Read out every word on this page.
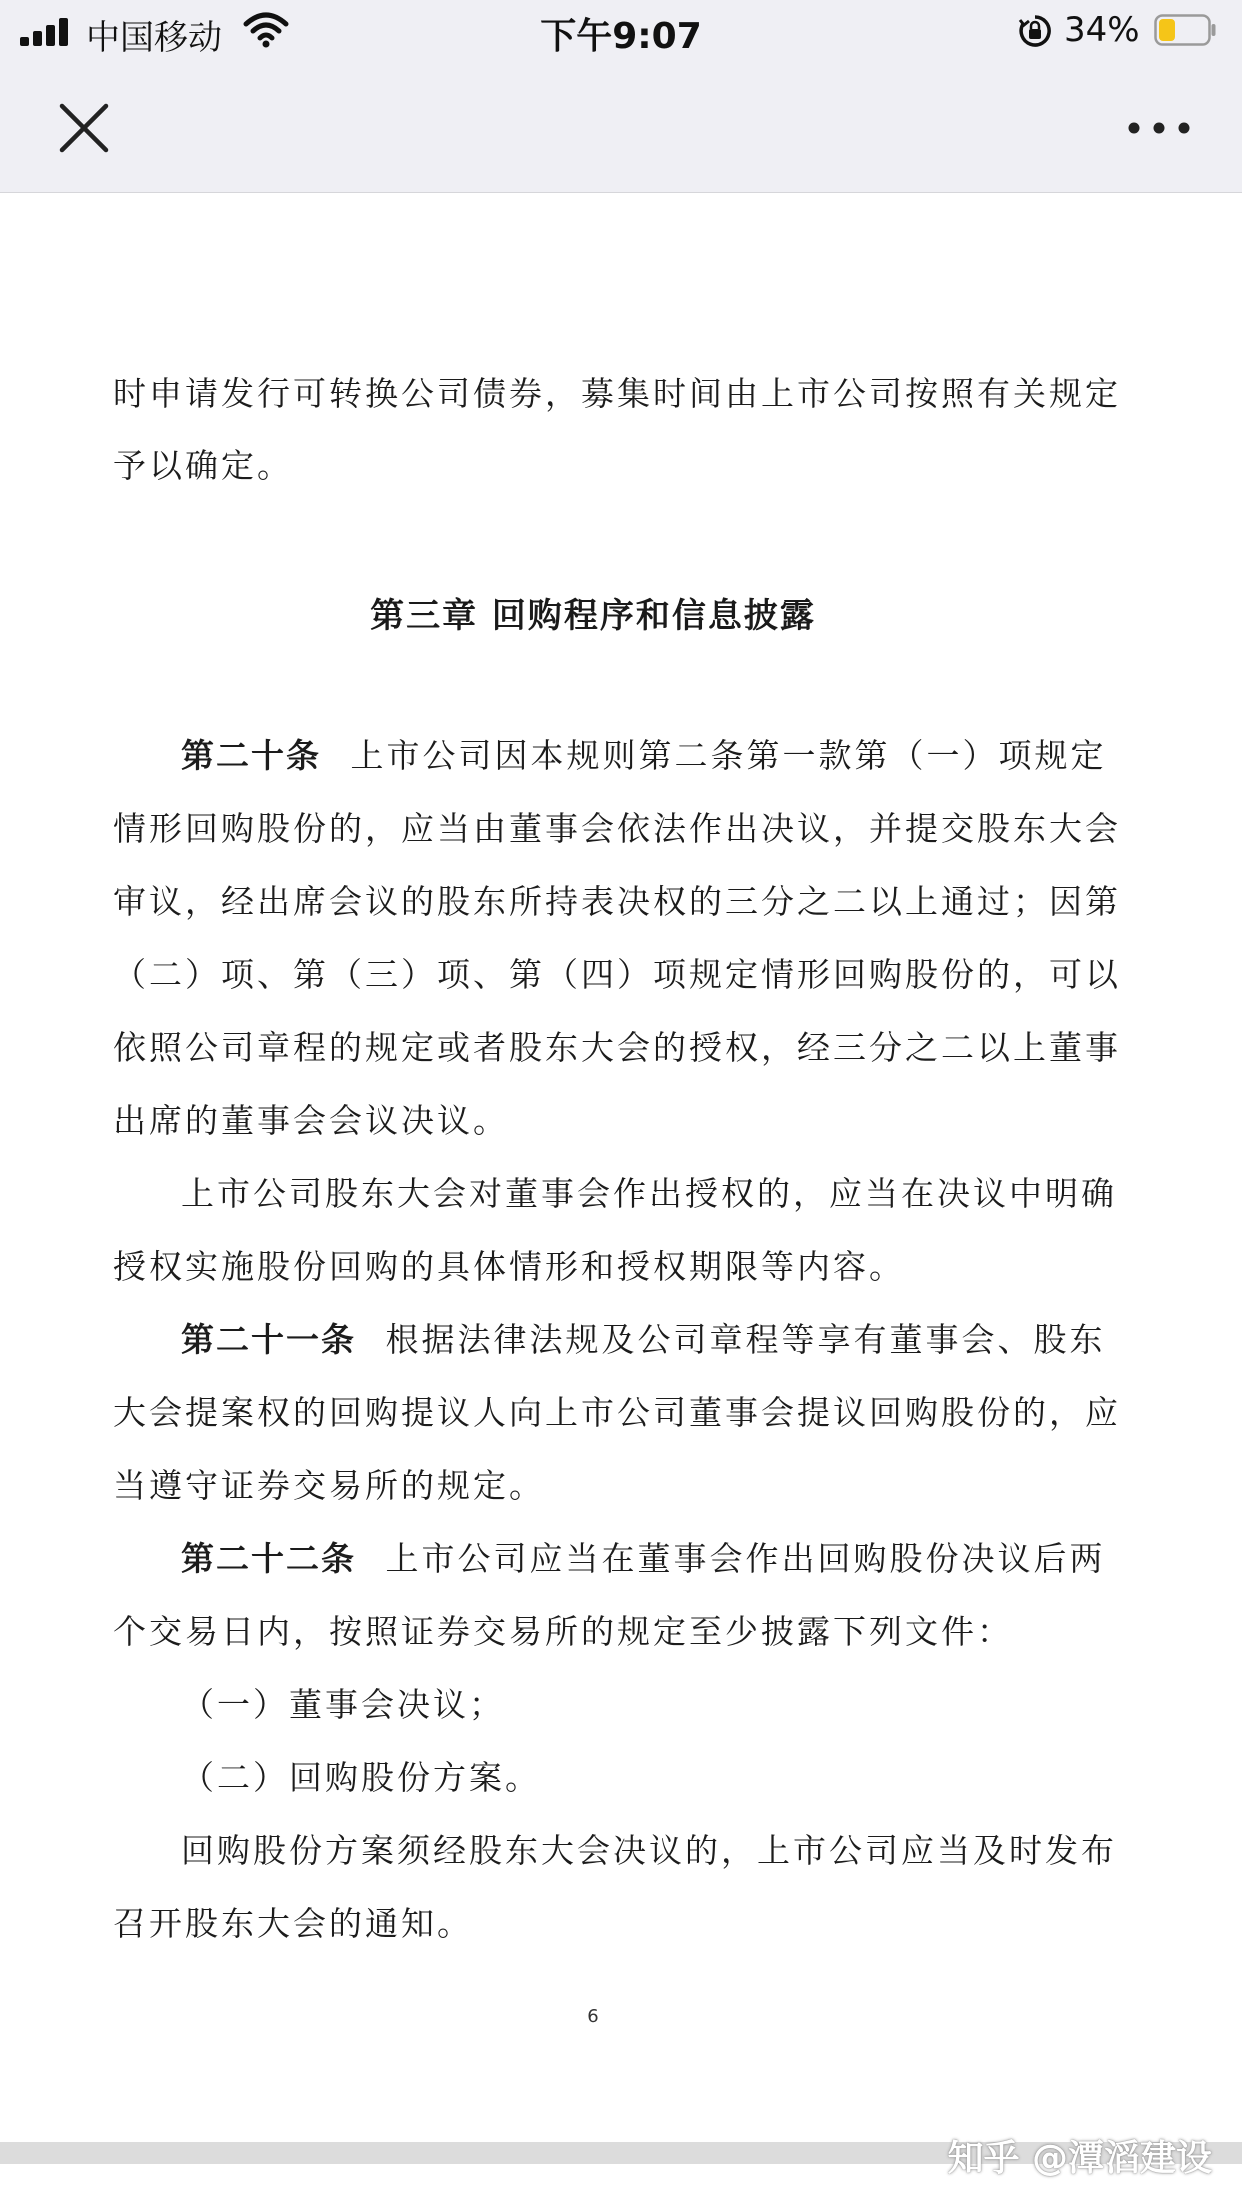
中国移动	下午9:07	34%

时申请发行可转换公司债券，募集时间由上市公司按照有关规定

予以确定。

第三章 回购程序和信息披露

第二十条 上市公司因本规则第二条第一款第（一）项规定

情形回购股份的，应当由董事会依法作出决议，并提交股东大会

审议，经出席会议的股东所持表决权的三分之二以上通过；因第

（二）项、第（三）项、第（四）项规定情形回购股份的，可以

依照公司章程的规定或者股东大会的授权，经三分之二以上董事

出席的董事会会议决议。

上市公司股东大会对董事会作出授权的，应当在决议中明确

授权实施股份回购的具体情形和授权期限等内容。

第二十一条 根据法律法规及公司章程等享有董事会、股东

大会提案权的回购提议人向上市公司董事会提议回购股份的，应

当遵守证券交易所的规定。

第二十二条 上市公司应当在董事会作出回购股份决议后两

个交易日内，按照证券交易所的规定至少披露下列文件：

（一）董事会决议；

（二）回购股份方案。

回购股份方案须经股东大会决议的，上市公司应当及时发布

召开股东大会的通知。

6
知乎 @潭滔建设
